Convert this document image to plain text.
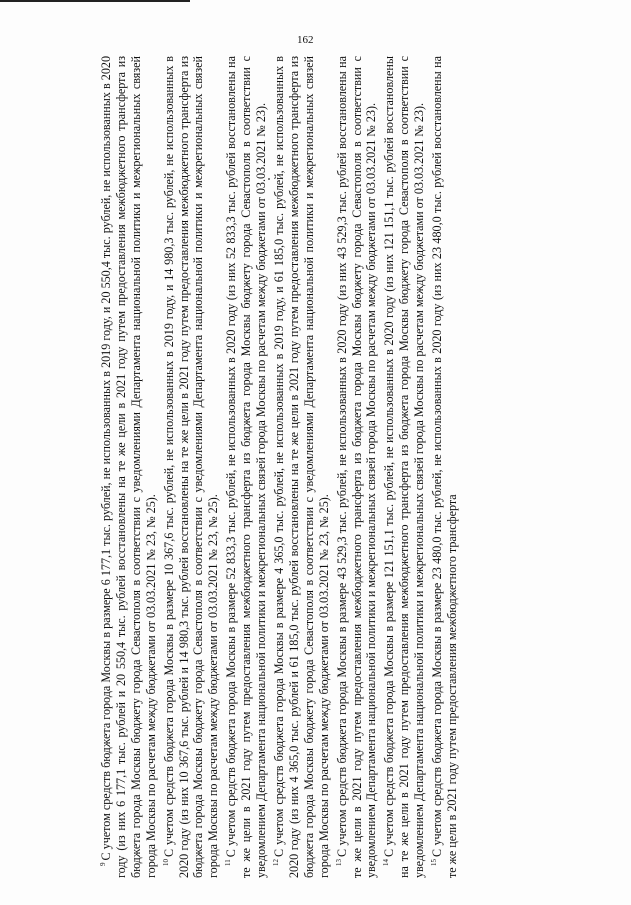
162

$^9$С учетом средств бюджета города Москвы в размере 6 177,1 тыс. рублей, не использованных в 2019 году, и 20 550,4 тыс. рублей, не использованных в 2020 году (из них 6 177,1 тыс. рублей и 20 550,4 тыс. рублей восстановлены на те же цели в 2021 году путем предоставления межбюджетного трансферта из бюджета города Москвы бюджету города Севастополя в соответствии с уведомлениями Департамента национальной политики и межрегиональных связей города Москвы по расчетам между бюджетами от 03.03.2021 № 23, № 25). $^{10}$С учетом средств бюджета города Москвы в размере 10 367,6 тыс. рублей, не использованных в 2019 году, и 14 980,3 тыс. рублей, не использованных в 2020 году (из них 10 367,6 тыс. рублей и 14 980,3 тыс. рублей восстановлены на те же цели в 2021 году путем предоставления межбюджетного трансферта из бюджета города Москвы бюджету города Севастополя в соответствии с уведомлениями Департамента национальной политики и межрегиональных связей города Москвы по расчетам между бюджетами от 03.03.2021 № 23, № 25). $^{11}$С учетом средств бюджета города Москвы в размере 52 833,3 тыс. рублей, не использованных в 2020 году (из них 52 833,3 тыс. рублей восстановлены на те же цели в 2021 году путем предоставления межбюджетного трансферта из бюджета города Москвы бюджету города Севастополя в соответствии с уведомлением Департамента национальной политики и межрегиональных связей города Москвы по расчетам между бюджетами от 03.03.2021 № 23). $^{12}$С учетом средств бюджета города Москвы в размере 4 365,0 тыс. рублей, не использованных в 2019 году, и 61 185,0 тыс. рублей, не использованных в 2020 году (из них 4 365,0 тыс. рублей и 61 185,0 тыс. рублей восстановлены на те же цели в 2021 году путем предоставления межбюджетного трансферта из бюджета города Москвы бюджету города Севастополя в соответствии с уведомлениями Департамента национальной политики и межрегиональных связей города Москвы по расчетам между бюджетами от 03.03.2021 № 23, № 25). $^{13}$С учетом средств бюджета города Москвы в размере 43 529,3 тыс. рублей, не использованных в 2020 году (из них 43 529,3 тыс. рублей восстановлены на те же цели в 2021 году путем предоставления межбюджетного трансферта из бюджета города Москвы бюджету города Севастополя в соответствии с уведомлением Департамента национальной политики и межрегиональных связей города Москвы по расчетам между бюджетами от 03.03.2021 № 23). $^{14}$С учетом средств бюджета города Москвы в размере 121 151,1 тыс. рублей, не использованных в 2020 году (из них 121 151,1 тыс. рублей восстановлены на те же цели в 2021 году путем предоставления межбюджетного трансферта из бюджета города Москвы бюджету города Севастополя в соответствии с уведомлением Департамента национальной политики и межрегиональных связей города Москвы по расчетам между бюджетами от 03.03.2021 № 23). $^{15}$С учетом средств бюджета города Москвы в размере 23 480,0 тыс. рублей, не использованных в 2020 году (из них 23 480,0 тыс. рублей восстановлены на те же цели в 2021 году путем предоставления межбюджетного трансферта
